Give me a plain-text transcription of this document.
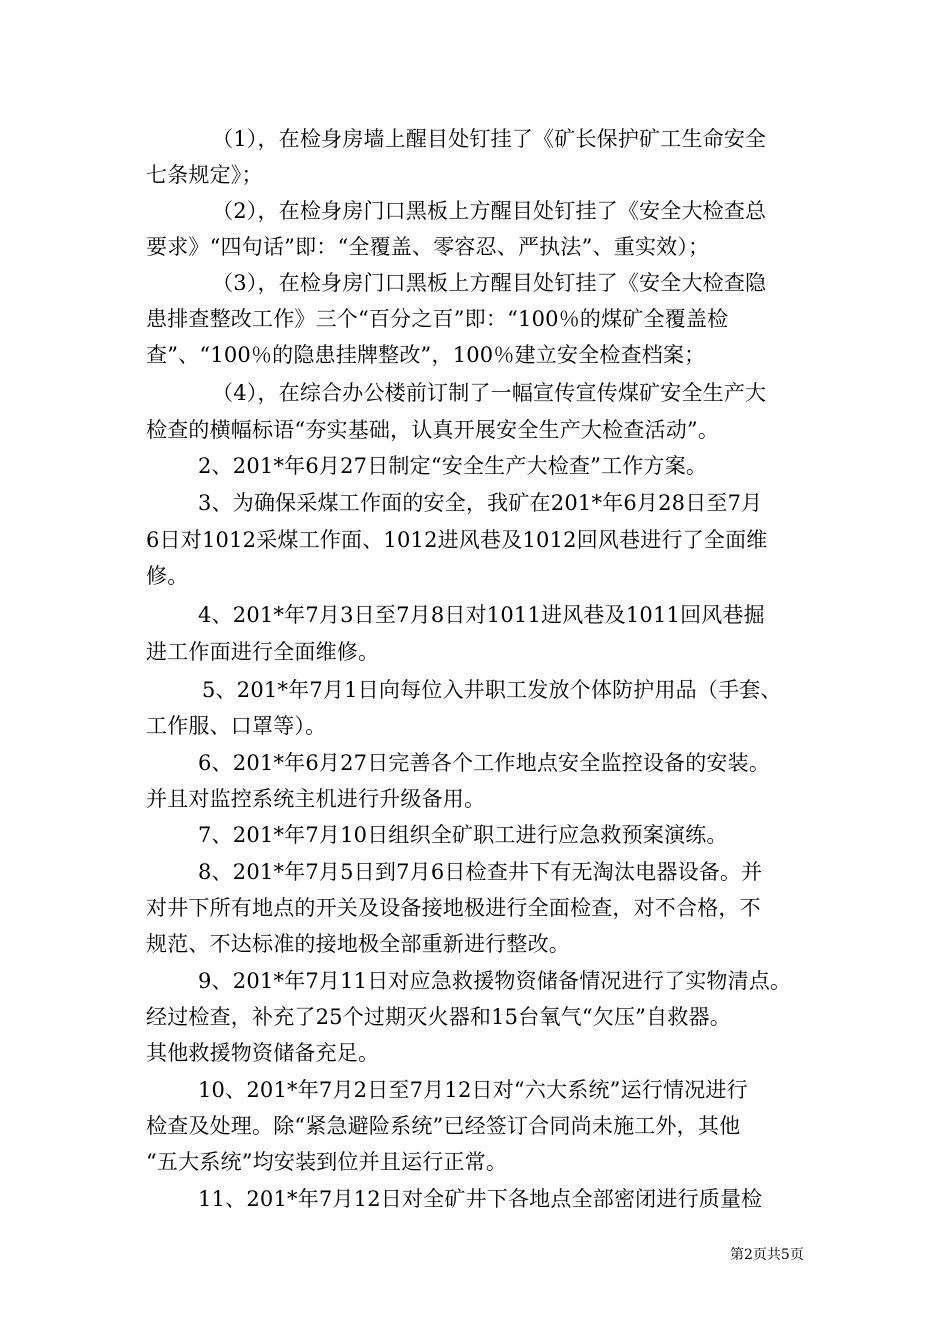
（1），在检身房墙上醒目处钉挂了《矿长保护矿工生命安全
七条规定》；
（2），在检身房门口黑板上方醒目处钉挂了《安全大检查总
要求》“四句话”即：“全覆盖、零容忍、严执法”、重实效）；
（3），在检身房门口黑板上方醒目处钉挂了《安全大检查隐
患排查整改工作》三个“百分之百”即：“100％的煤矿全覆盖检
查”、“100％的隐患挂牌整改”，100％建立安全检查档案；
（4），在综合办公楼前订制了一幅宣传宣传煤矿安全生产大
检查的横幅标语“夯实基础，认真开展安全生产大检查活动”。
2、201*年6月27日制定“安全生产大检查”工作方案。
3、为确保采煤工作面的安全，我矿在201*年6月28日至7月
6日对1012采煤工作面、1012进风巷及1012回风巷进行了全面维
修。
4、201*年7月3日至7月8日对1011进风巷及1011回风巷掘
进工作面进行全面维修。
5、201*年7月1日向每位入井职工发放个体防护用品（手套、
工作服、口罩等）。
6、201*年6月27日完善各个工作地点安全监控设备的安装。
并且对监控系统主机进行升级备用。
7、201*年7月10日组织全矿职工进行应急救预案演练。
8、201*年7月5日到7月6日检查井下有无淘汰电器设备。并
对井下所有地点的开关及设备接地极进行全面检查，对不合格，不
规范、不达标准的接地极全部重新进行整改。
9、201*年7月11日对应急救援物资储备情况进行了实物清点。
经过检查，补充了25个过期灭火器和15台氧气“欠压”自救器。
其他救援物资储备充足。
10、201*年7月2日至7月12日对“六大系统”运行情况进行
检查及处理。除“紧急避险系统”已经签订合同尚未施工外，其他
“五大系统”均安装到位并且运行正常。
11、201*年7月12日对全矿井下各地点全部密闭进行质量检
第2页共5页
